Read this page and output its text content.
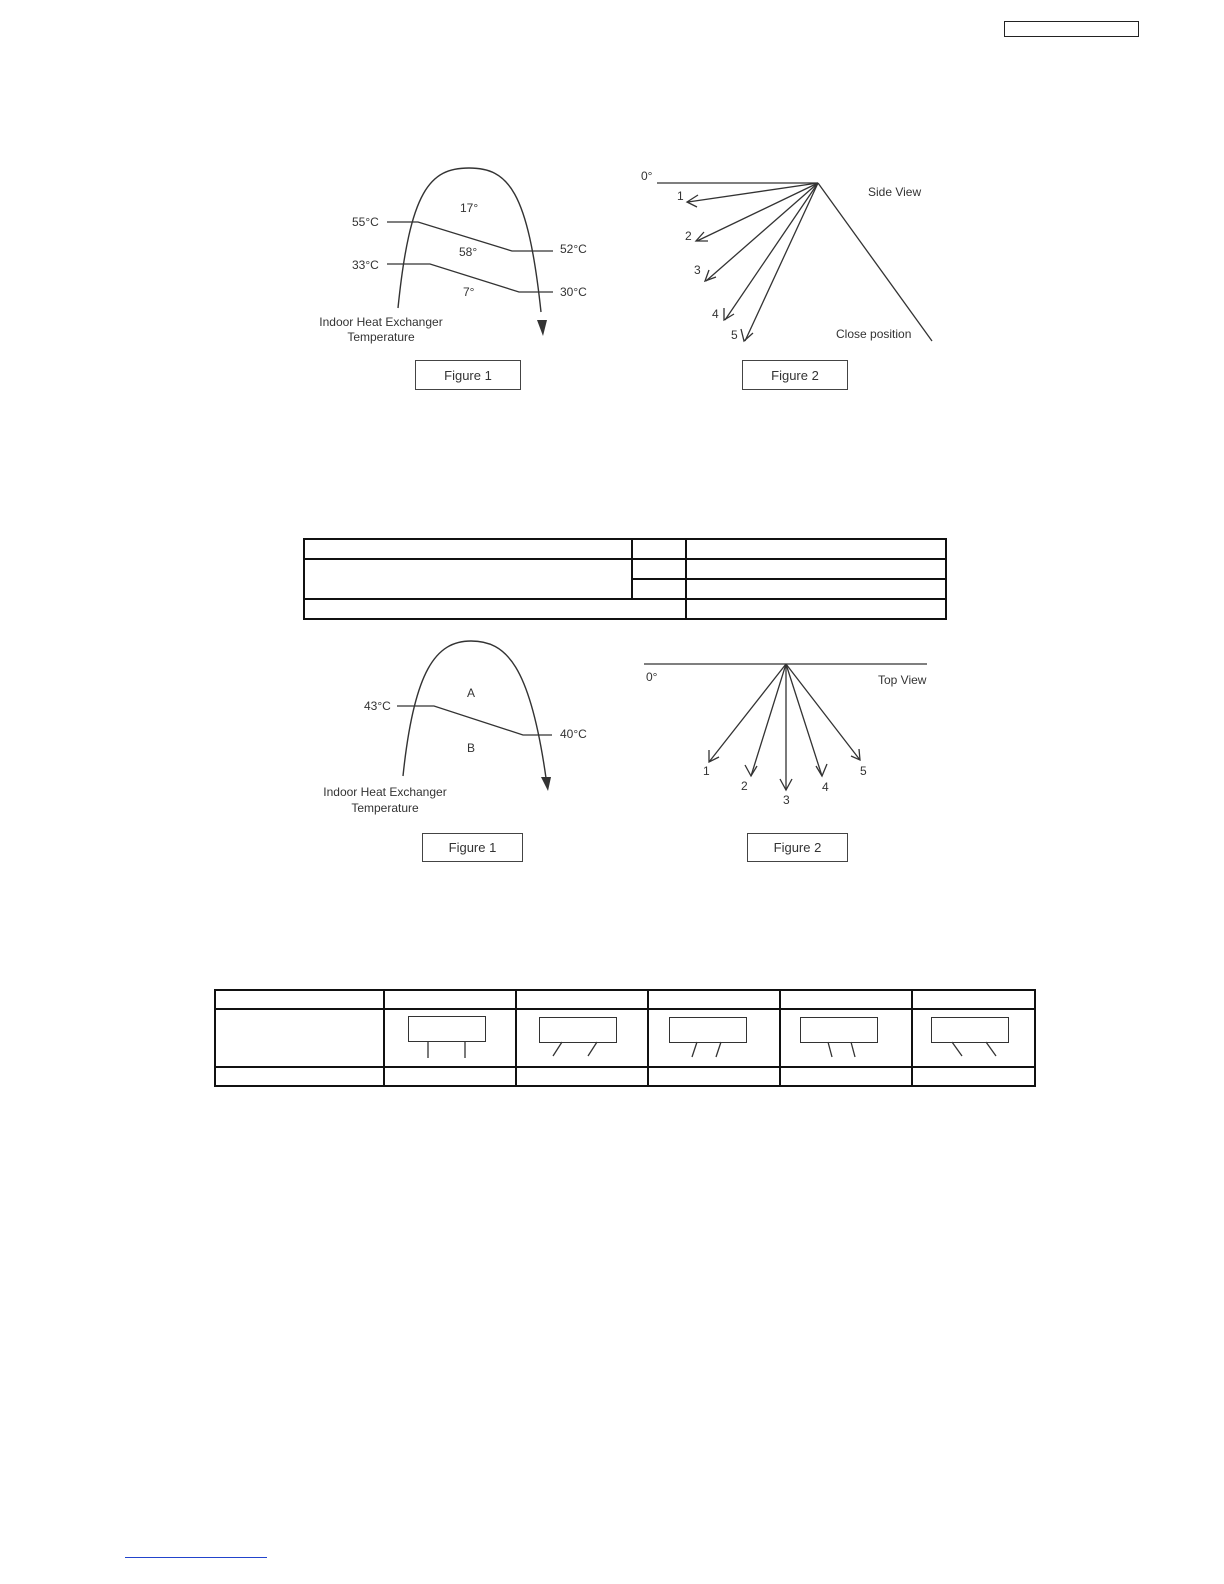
17°
58°
7°
55°C
33°C
52°C
30°C
Indoor Heat Exchanger
Temperature
Figure 1
0°
Side View
Close position
1
2
3
4
5
Figure 2

A
B
43°C
40°C
Indoor Heat Exchanger
Temperature
Figure 1
0°	Top View
1
2
3
4
5
Figure 2
